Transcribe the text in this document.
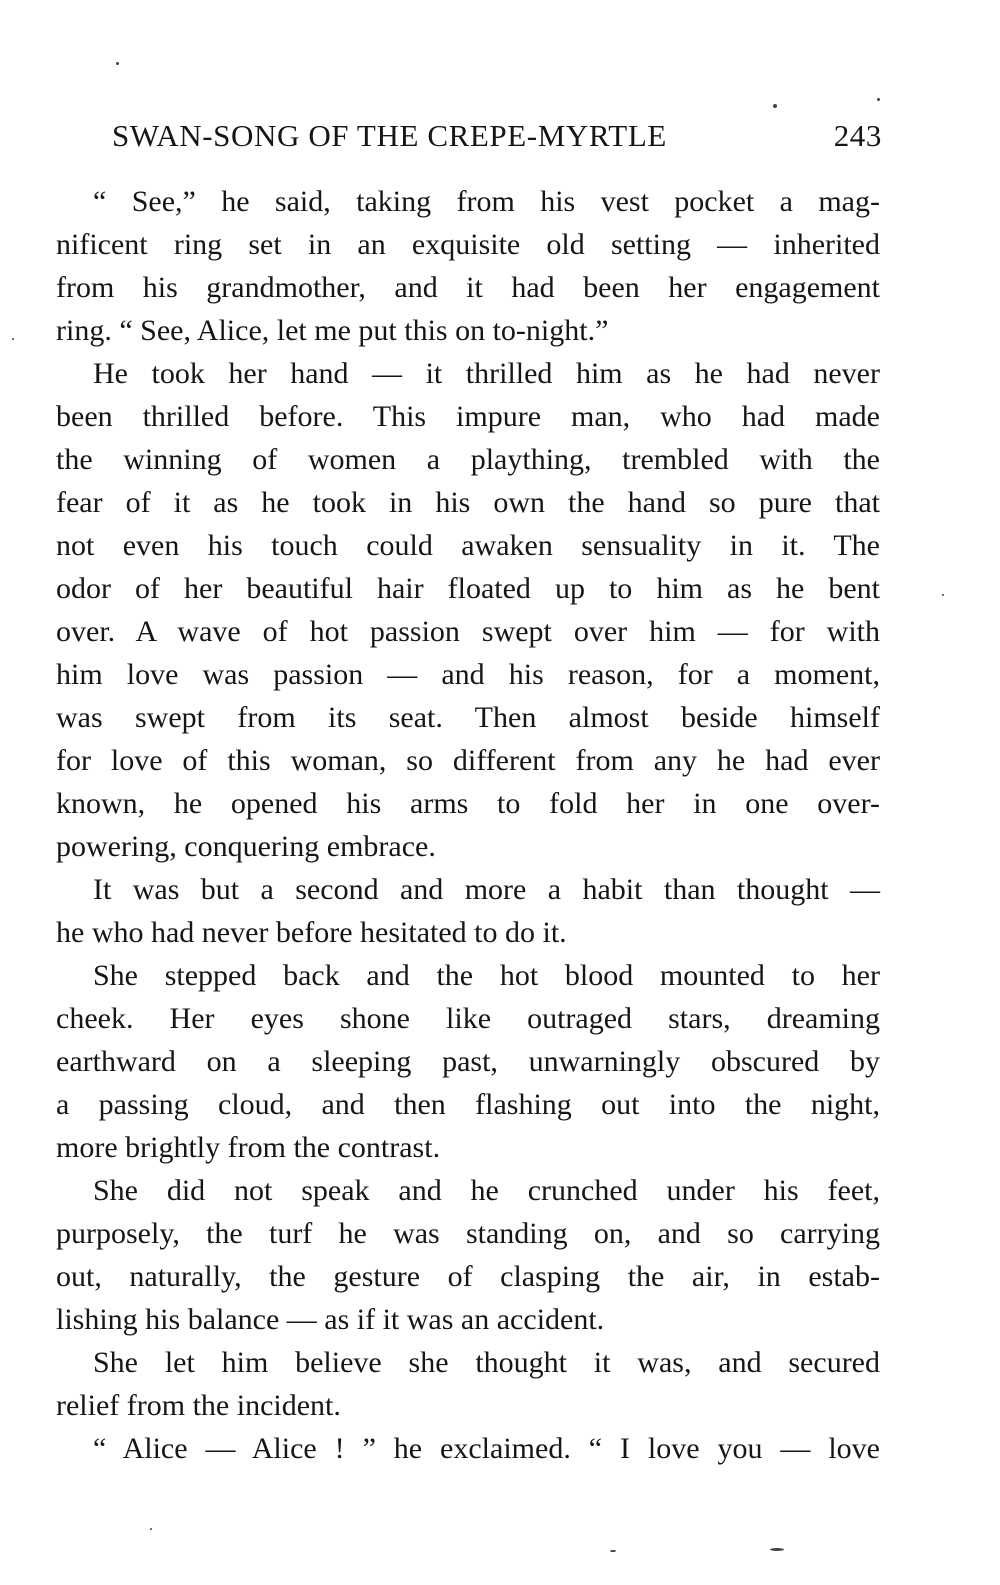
SWAN-SONG OF THE CREPE-MYRTLE	243
“ See,” he said, taking from his vest pocket a mag-
nificent ring set in an exquisite old setting — inherited
from his grandmother, and it had been her engagement
ring. “ See, Alice, let me put this on to-night.”
He took her hand — it thrilled him as he had never
been thrilled before. This impure man, who had made
the winning of women a plaything, trembled with the
fear of it as he took in his own the hand so pure that
not even his touch could awaken sensuality in it. The
odor of her beautiful hair floated up to him as he bent
over. A wave of hot passion swept over him — for with
him love was passion — and his reason, for a moment,
was swept from its seat. Then almost beside himself
for love of this woman, so different from any he had ever
known, he opened his arms to fold her in one over-
powering, conquering embrace.
It was but a second and more a habit than thought —
he who had never before hesitated to do it.
She stepped back and the hot blood mounted to her
cheek. Her eyes shone like outraged stars, dreaming
earthward on a sleeping past, unwarningly obscured by
a passing cloud, and then flashing out into the night,
more brightly from the contrast.
She did not speak and he crunched under his feet,
purposely, the turf he was standing on, and so carrying
out, naturally, the gesture of clasping the air, in estab-
lishing his balance — as if it was an accident.
She let him believe she thought it was, and secured
relief from the incident.
“ Alice — Alice ! ” he exclaimed. “ I love you — love
